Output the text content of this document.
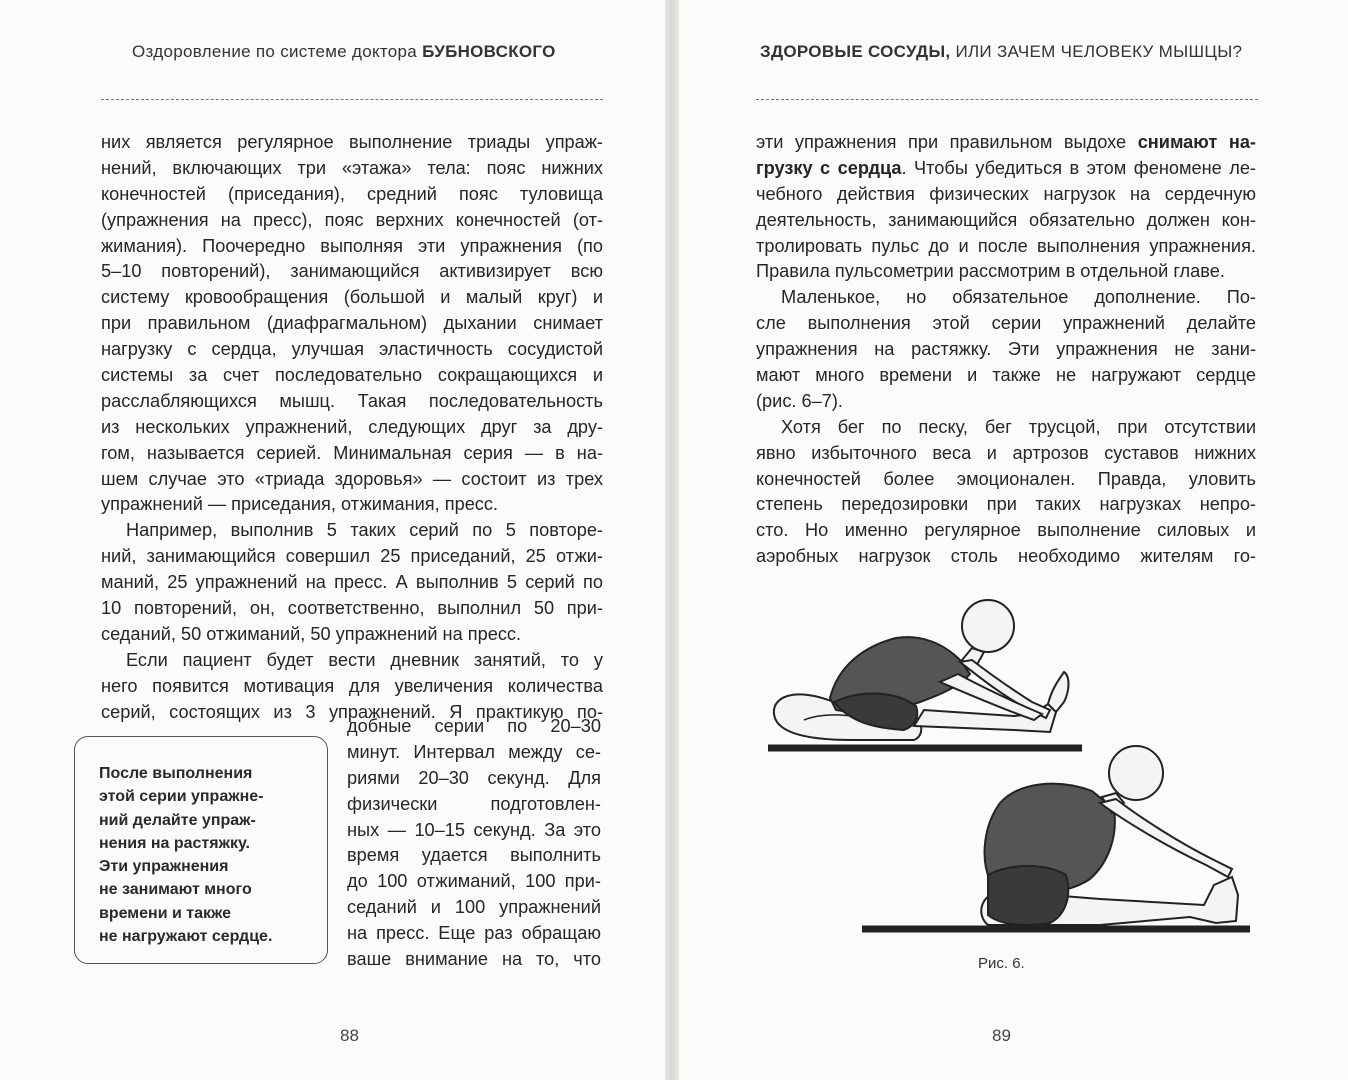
Оздоровление по системе доктора БУБНОВСКОГО
них является регулярное выполнение триады упраж-
нений, включающих три «этажа» тела: пояс нижних
конечностей (приседания), средний пояс туловища
(упражнения на пресс), пояс верхних конечностей (от-
жимания). Поочередно выполняя эти упражнения (по
5–10 повторений), занимающийся активизирует всю
систему кровообращения (большой и малый круг) и
при правильном (диафрагмальном) дыхании снимает
нагрузку с сердца, улучшая эластичность сосудистой
системы за счет последовательно сокращающихся и
расслабляющихся мышц. Такая последовательность
из нескольких упражнений, следующих друг за дру-
гом, называется серией. Минимальная серия — в на-
шем случае это «триада здоровья» — состоит из трех
упражнений — приседания, отжимания, пресс.
Например, выполнив 5 таких серий по 5 повторе-
ний, занимающийся совершил 25 приседаний, 25 отжи-
маний, 25 упражнений на пресс. А выполнив 5 серий по
10 повторений, он, соответственно, выполнил 50 при-
седаний, 50 отжиманий, 50 упражнений на пресс.
Если пациент будет вести дневник занятий, то у
него появится мотивация для увеличения количества
серий, состоящих из 3 упражнений. Я практикую по-
добные серии по 20–30
минут. Интервал между се-
риями 20–30 секунд. Для
физически подготовлен-
ных — 10–15 секунд. За это
время удается выполнить
до 100 отжиманий, 100 при-
седаний и 100 упражнений
на пресс. Еще раз обращаю
ваше внимание на то, что
После выполнения
этой серии упражне-
ний делайте упраж-
нения на растяжку.
Эти упражнения
не занимают много
времени и также
не нагружают сердце.
88
ЗДОРОВЫЕ СОСУДЫ, ИЛИ ЗАЧЕМ ЧЕЛОВЕКУ МЫШЦЫ?
эти упражнения при правильном выдохе снимают на-
грузку с сердца. Чтобы убедиться в этом феномене ле-
чебного действия физических нагрузок на сердечную
деятельность, занимающийся обязательно должен кон-
тролировать пульс до и после выполнения упражнения.
Правила пульсометрии рассмотрим в отдельной главе.
Маленькое, но обязательное дополнение. По-
сле выполнения этой серии упражнений делайте
упражнения на растяжку. Эти упражнения не зани-
мают много времени и также не нагружают сердце
(рис. 6–7).
Хотя бег по песку, бег трусцой, при отсутствии
явно избыточного веса и артрозов суставов нижних
конечностей более эмоционален. Правда, уловить
степень передозировки при таких нагрузках непро-
сто. Но именно регулярное выполнение силовых и
аэробных нагрузок столь необходимо жителям го-
Рис. 6.
89
